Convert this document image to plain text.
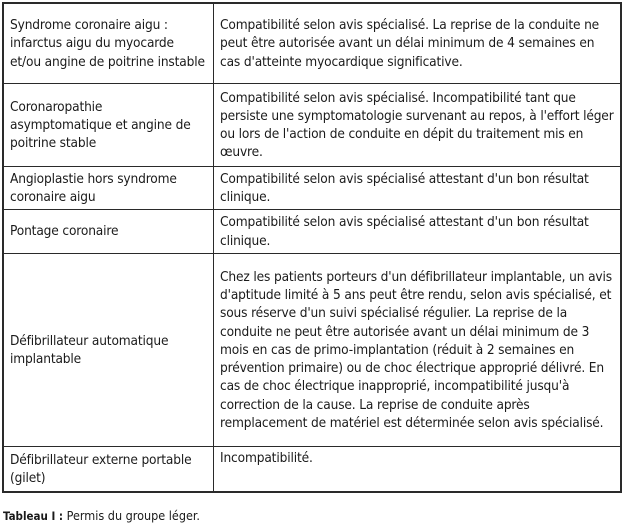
Syndrome coronaire aigu : infarctus aigu du myocarde et/ou angine de poitrine instable	Compatibilité selon avis spécialisé. La reprise de la conduite ne peut être autorisée avant un délai minimum de 4 semaines en cas d'atteinte myocardique significative.
Coronaropathie asymptomatique et angine de poitrine stable	Compatibilité selon avis spécialisé. Incompatibilité tant que persiste une symptomatologie survenant au repos, à l'effort léger ou lors de l'action de conduite en dépit du traitement mis en œuvre.
Angioplastie hors syndrome coronaire aigu	Compatibilité selon avis spécialisé attestant d'un bon résultat clinique.
Pontage coronaire	Compatibilité selon avis spécialisé attestant d'un bon résultat clinique.
Défibrillateur automatique implantable	Chez les patients porteurs d'un défibrillateur implantable, un avis d'aptitude limité à 5 ans peut être rendu, selon avis spécialisé, et sous réserve d'un suivi spécialisé régulier. La reprise de la conduite ne peut être autorisée avant un délai minimum de 3 mois en cas de primo-implantation (réduit à 2 semaines en prévention primaire) ou de choc électrique approprié délivré. En cas de choc électrique inapproprié, incompatibilité jusqu'à correction de la cause. La reprise de conduite après remplacement de matériel est déterminée selon avis spécialisé.
Défibrillateur externe portable (gilet)	Incompatibilité.
Tableau I : Permis du groupe léger.
